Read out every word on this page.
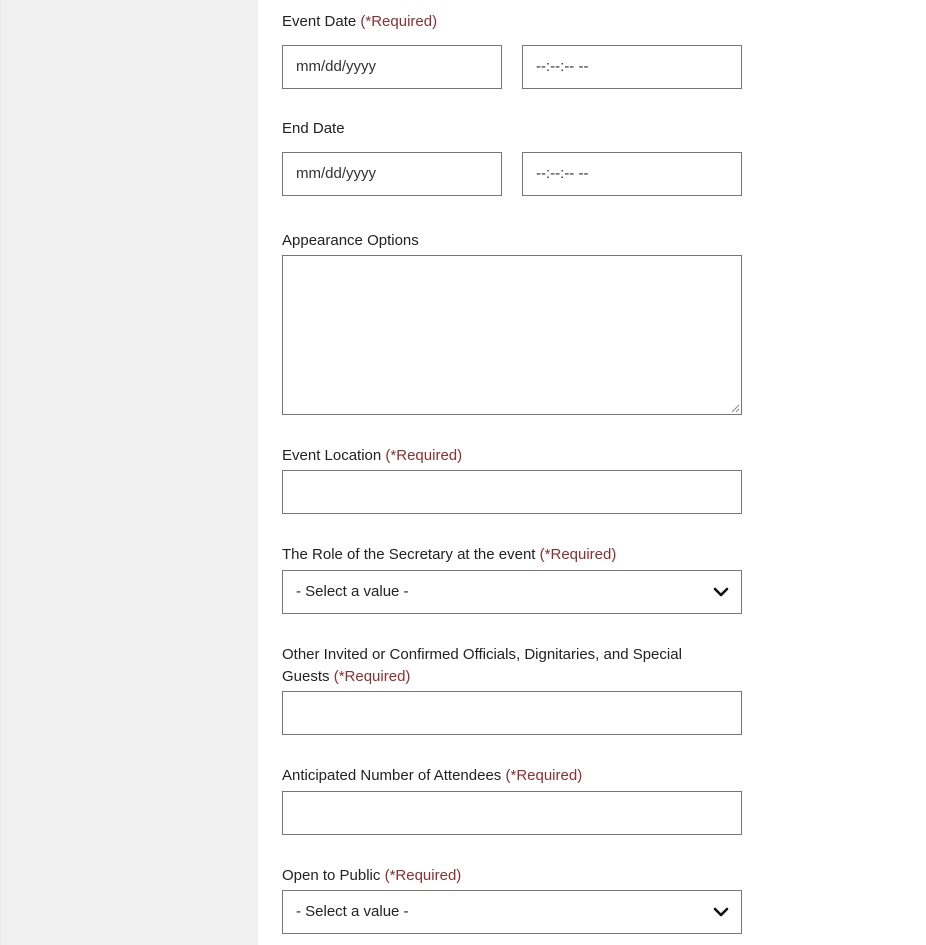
Event Date (*Required)
mm/dd/yyyy	--:--:-- --
End Date
mm/dd/yyyy	--:--:-- --
Appearance Options
Event Location (*Required)
The Role of the Secretary at the event (*Required)
- Select a value -
Other Invited or Confirmed Officials, Dignitaries, and Special
Guests (*Required)
Anticipated Number of Attendees (*Required)
Open to Public (*Required)
- Select a value -
